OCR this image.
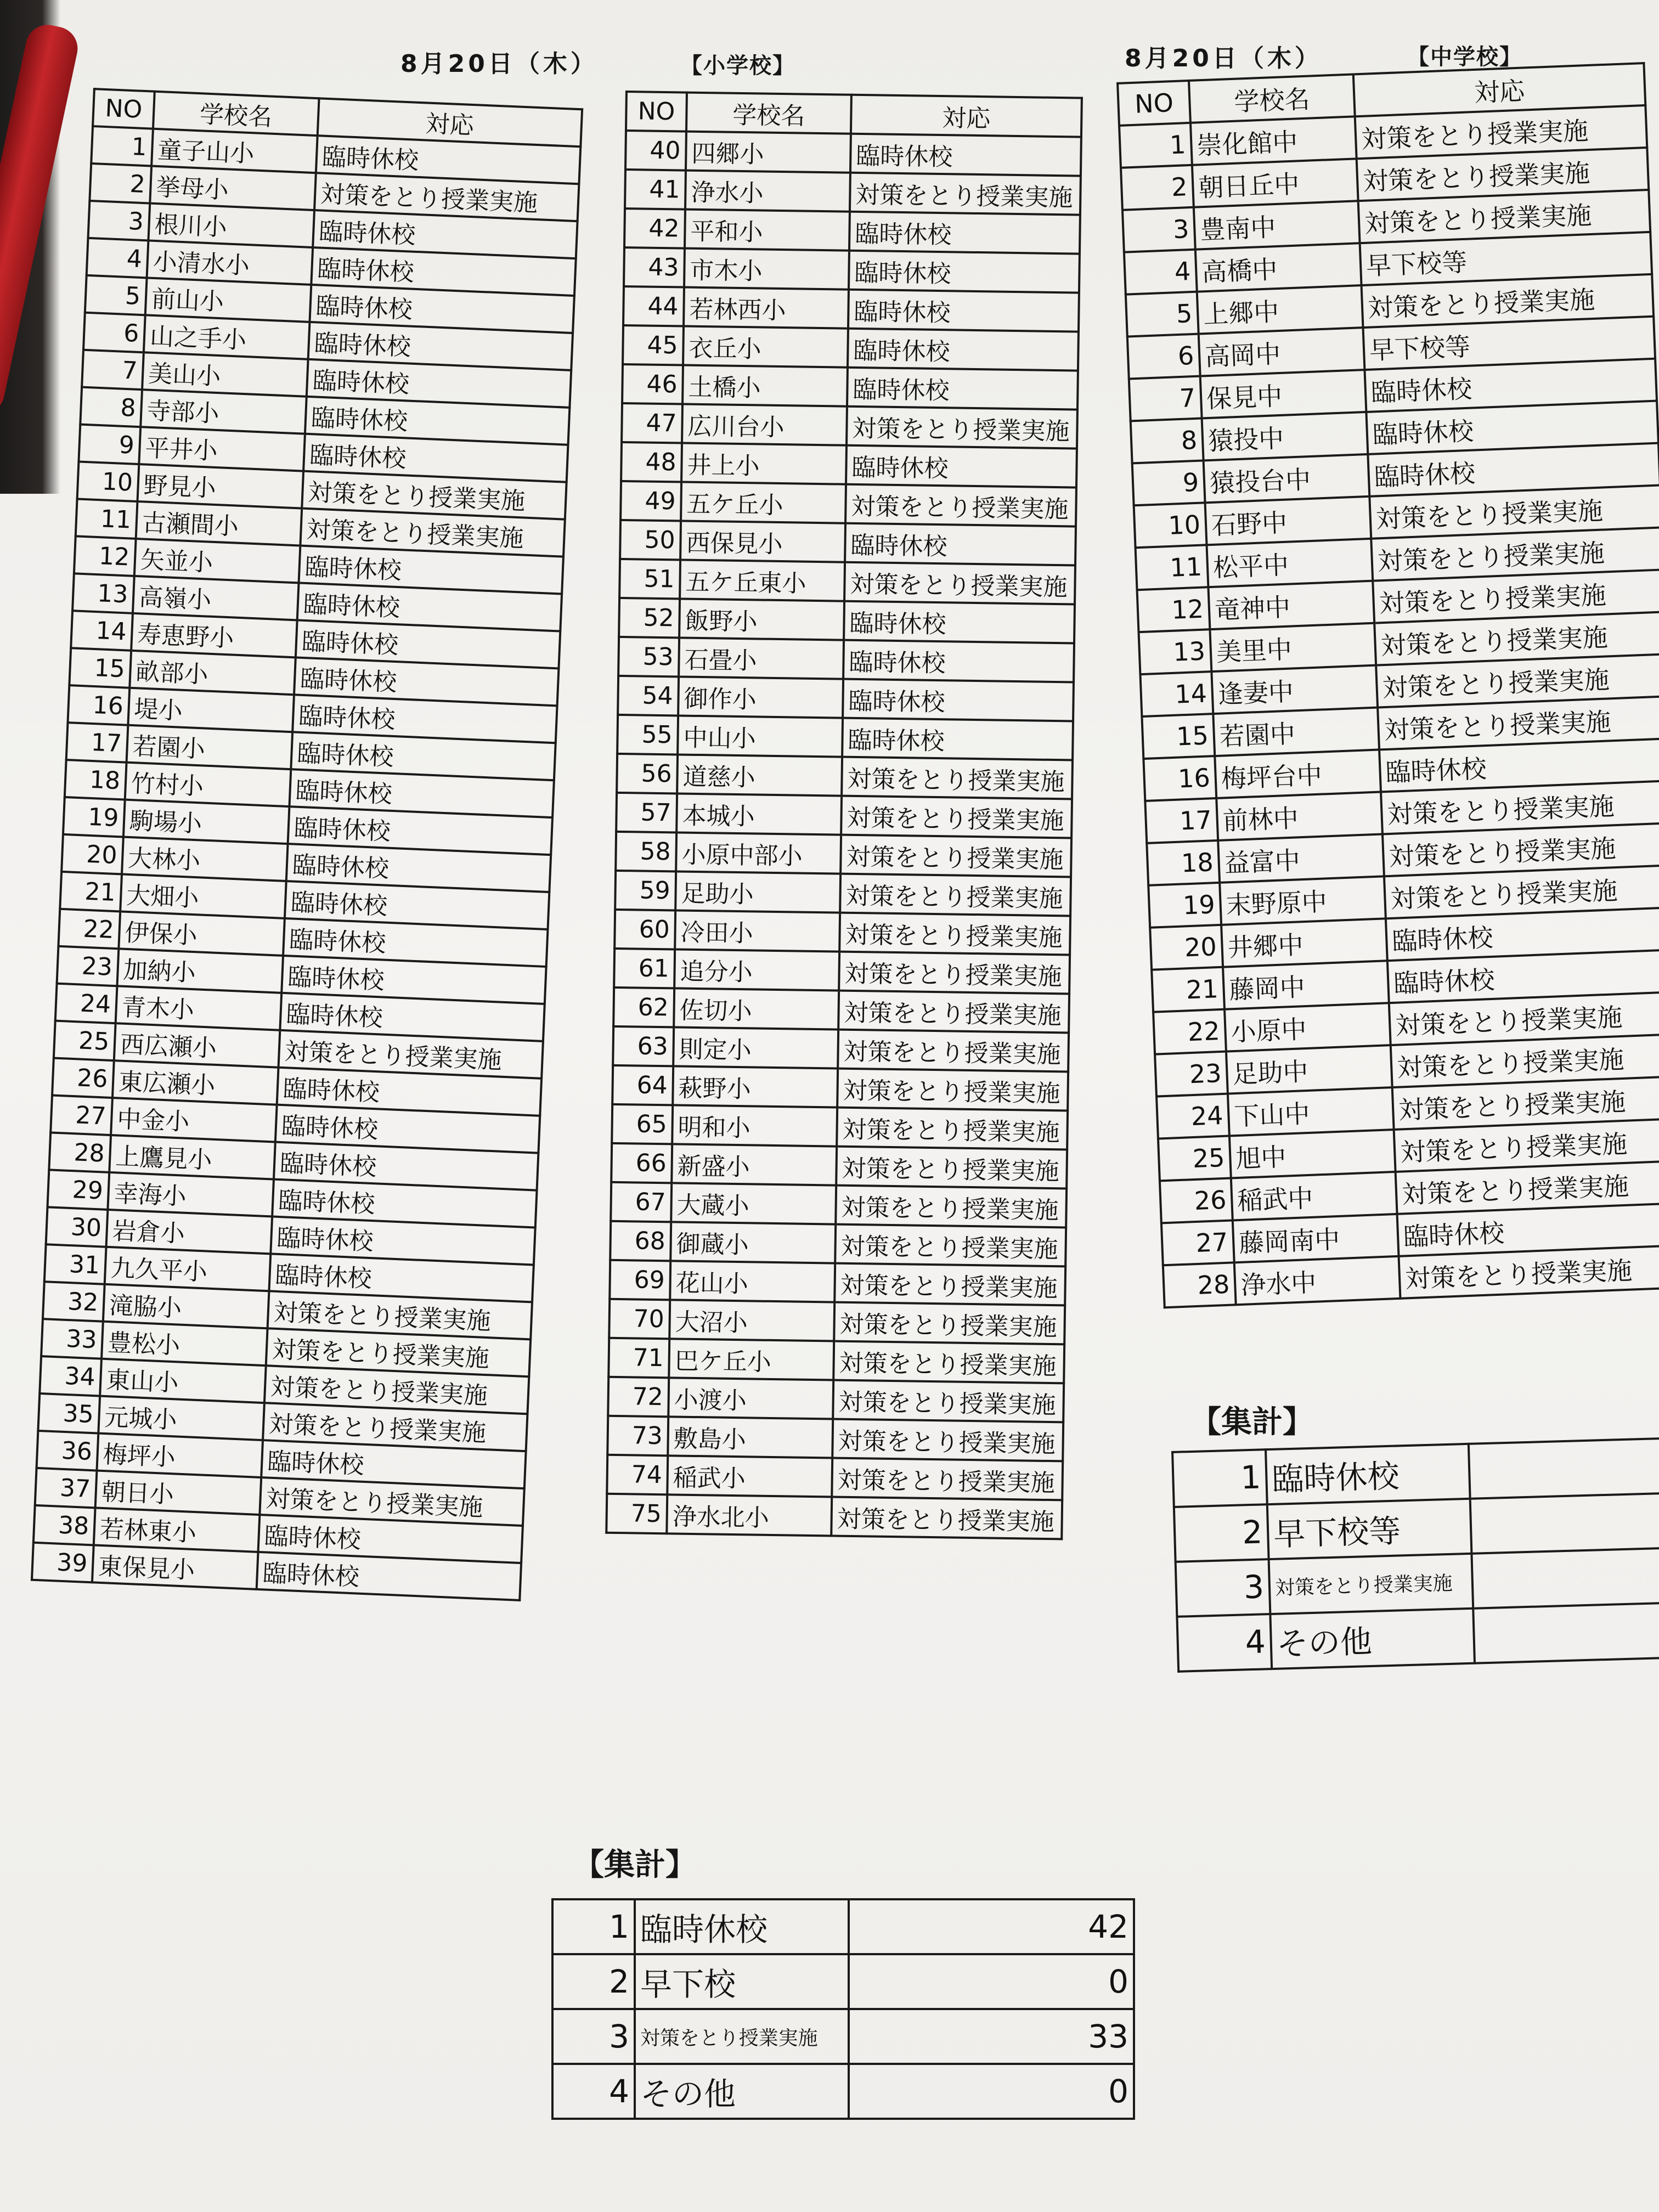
8月20日（木）	【小学校】	8月20日（木）	【中学校】
NO	学校名	対応
1	童子山小	臨時休校
2	挙母小	対策をとり授業実施
3	根川小	臨時休校
4	小清水小	臨時休校
5	前山小	臨時休校
6	山之手小	臨時休校
7	美山小	臨時休校
8	寺部小	臨時休校
9	平井小	臨時休校
10	野見小	対策をとり授業実施
11	古瀬間小	対策をとり授業実施
12	矢並小	臨時休校
13	高嶺小	臨時休校
14	寿恵野小	臨時休校
15	畝部小	臨時休校
16	堤小	臨時休校
17	若園小	臨時休校
18	竹村小	臨時休校
19	駒場小	臨時休校
20	大林小	臨時休校
21	大畑小	臨時休校
22	伊保小	臨時休校
23	加納小	臨時休校
24	青木小	臨時休校
25	西広瀬小	対策をとり授業実施
26	東広瀬小	臨時休校
27	中金小	臨時休校
28	上鷹見小	臨時休校
29	幸海小	臨時休校
30	岩倉小	臨時休校
31	九久平小	臨時休校
32	滝脇小	対策をとり授業実施
33	豊松小	対策をとり授業実施
34	東山小	対策をとり授業実施
35	元城小	対策をとり授業実施
36	梅坪小	臨時休校
37	朝日小	対策をとり授業実施
38	若林東小	臨時休校
39	東保見小	臨時休校
NO	学校名	対応
40	四郷小	臨時休校
41	浄水小	対策をとり授業実施
42	平和小	臨時休校
43	市木小	臨時休校
44	若林西小	臨時休校
45	衣丘小	臨時休校
46	土橋小	臨時休校
47	広川台小	対策をとり授業実施
48	井上小	臨時休校
49	五ケ丘小	対策をとり授業実施
50	西保見小	臨時休校
51	五ケ丘東小	対策をとり授業実施
52	飯野小	臨時休校
53	石畳小	臨時休校
54	御作小	臨時休校
55	中山小	臨時休校
56	道慈小	対策をとり授業実施
57	本城小	対策をとり授業実施
58	小原中部小	対策をとり授業実施
59	足助小	対策をとり授業実施
60	冷田小	対策をとり授業実施
61	追分小	対策をとり授業実施
62	佐切小	対策をとり授業実施
63	則定小	対策をとり授業実施
64	萩野小	対策をとり授業実施
65	明和小	対策をとり授業実施
66	新盛小	対策をとり授業実施
67	大蔵小	対策をとり授業実施
68	御蔵小	対策をとり授業実施
69	花山小	対策をとり授業実施
70	大沼小	対策をとり授業実施
71	巴ケ丘小	対策をとり授業実施
72	小渡小	対策をとり授業実施
73	敷島小	対策をとり授業実施
74	稲武小	対策をとり授業実施
75	浄水北小	対策をとり授業実施
NO	学校名	対応
1	崇化館中	対策をとり授業実施
2	朝日丘中	対策をとり授業実施
3	豊南中	対策をとり授業実施
4	高橋中	早下校等
5	上郷中	対策をとり授業実施
6	高岡中	早下校等
7	保見中	臨時休校
8	猿投中	臨時休校
9	猿投台中	臨時休校
10	石野中	対策をとり授業実施
11	松平中	対策をとり授業実施
12	竜神中	対策をとり授業実施
13	美里中	対策をとり授業実施
14	逢妻中	対策をとり授業実施
15	若園中	対策をとり授業実施
16	梅坪台中	臨時休校
17	前林中	対策をとり授業実施
18	益富中	対策をとり授業実施
19	末野原中	対策をとり授業実施
20	井郷中	臨時休校
21	藤岡中	臨時休校
22	小原中	対策をとり授業実施
23	足助中	対策をとり授業実施
24	下山中	対策をとり授業実施
25	旭中	対策をとり授業実施
26	稲武中	対策をとり授業実施
27	藤岡南中	臨時休校
28	浄水中	対策をとり授業実施
【集計】
1	臨時休校	42
2	早下校	0
3	対策をとり授業実施	33
4	その他	0
【集計】
1	臨時休校	
2	早下校等	
3	対策をとり授業実施	
4	その他	
